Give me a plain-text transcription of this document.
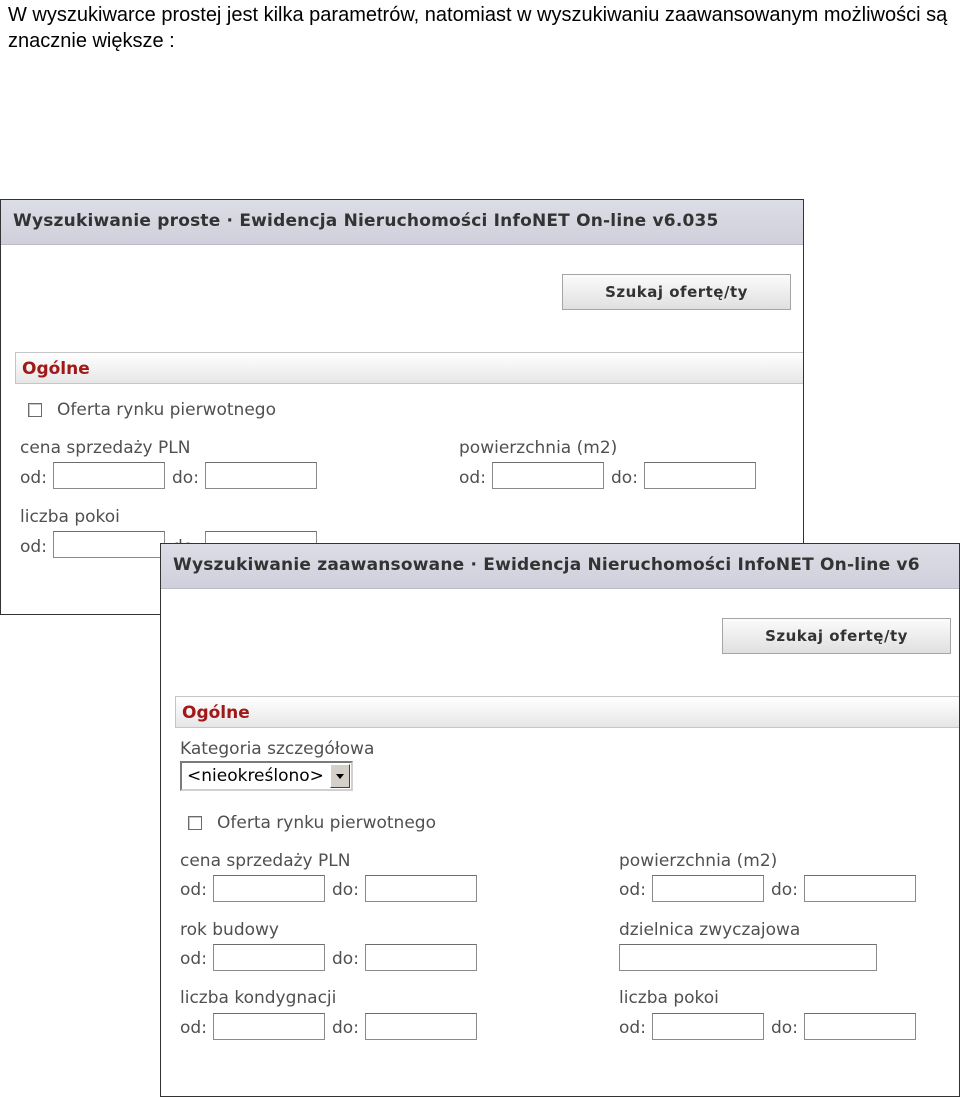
W wyszukiwarce prostej jest kilka parametrów, natomiast w wyszukiwaniu zaawansowanym możliwości są znacznie większe :
Wyszukiwanie proste · Ewidencja Nieruchomości InfoNET On-line v6.035
Szukaj ofertę/ty
Ogólne
Oferta rynku pierwotnego
cena sprzedaży PLN
od:	do:
powierzchnia (m2)
od:	do:
liczba pokoi
od:
Wyszukiwanie zaawansowane · Ewidencja Nieruchomości InfoNET On-line v6
Szukaj ofertę/ty
Ogólne
Kategoria szczegółowa
<nieokreślono>
Oferta rynku pierwotnego
cena sprzedaży PLN
od:	do:
powierzchnia (m2)
od:	do:
rok budowy
od:	do:
dzielnica zwyczajowa
liczba kondygnacji
od:	do:
liczba pokoi
od:	do:
